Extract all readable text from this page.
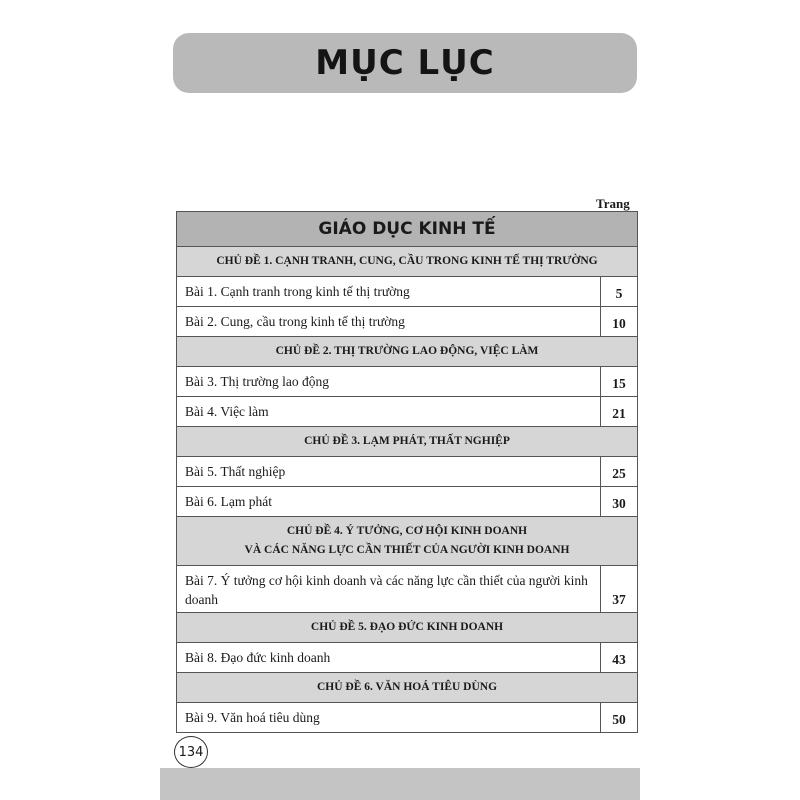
MỤC LỤC
Trang
GIÁO DỤC KINH TẾ
CHỦ ĐỀ 1. CẠNH TRANH, CUNG, CẦU TRONG KINH TẾ THỊ TRƯỜNG
Bài 1. Cạnh tranh trong kinh tế thị trường	5
Bài 2. Cung, cầu trong kinh tế thị trường	10
CHỦ ĐỀ 2. THỊ TRƯỜNG LAO ĐỘNG, VIỆC LÀM
Bài 3. Thị trường lao động	15
Bài 4. Việc làm	21
CHỦ ĐỀ 3. LẠM PHÁT, THẤT NGHIỆP
Bài 5. Thất nghiệp	25
Bài 6. Lạm phát	30
CHỦ ĐỀ 4. Ý TƯỞNG, CƠ HỘI KINH DOANH
VÀ CÁC NĂNG LỰC CẦN THIẾT CỦA NGƯỜI KINH DOANH
Bài 7. Ý tưởng cơ hội kinh doanh và các năng lực cần thiết của người kinh doanh	37
CHỦ ĐỀ 5. ĐẠO ĐỨC KINH DOANH
Bài 8. Đạo đức kinh doanh	43
CHỦ ĐỀ 6. VĂN HOÁ TIÊU DÙNG
Bài 9. Văn hoá tiêu dùng	50
134
